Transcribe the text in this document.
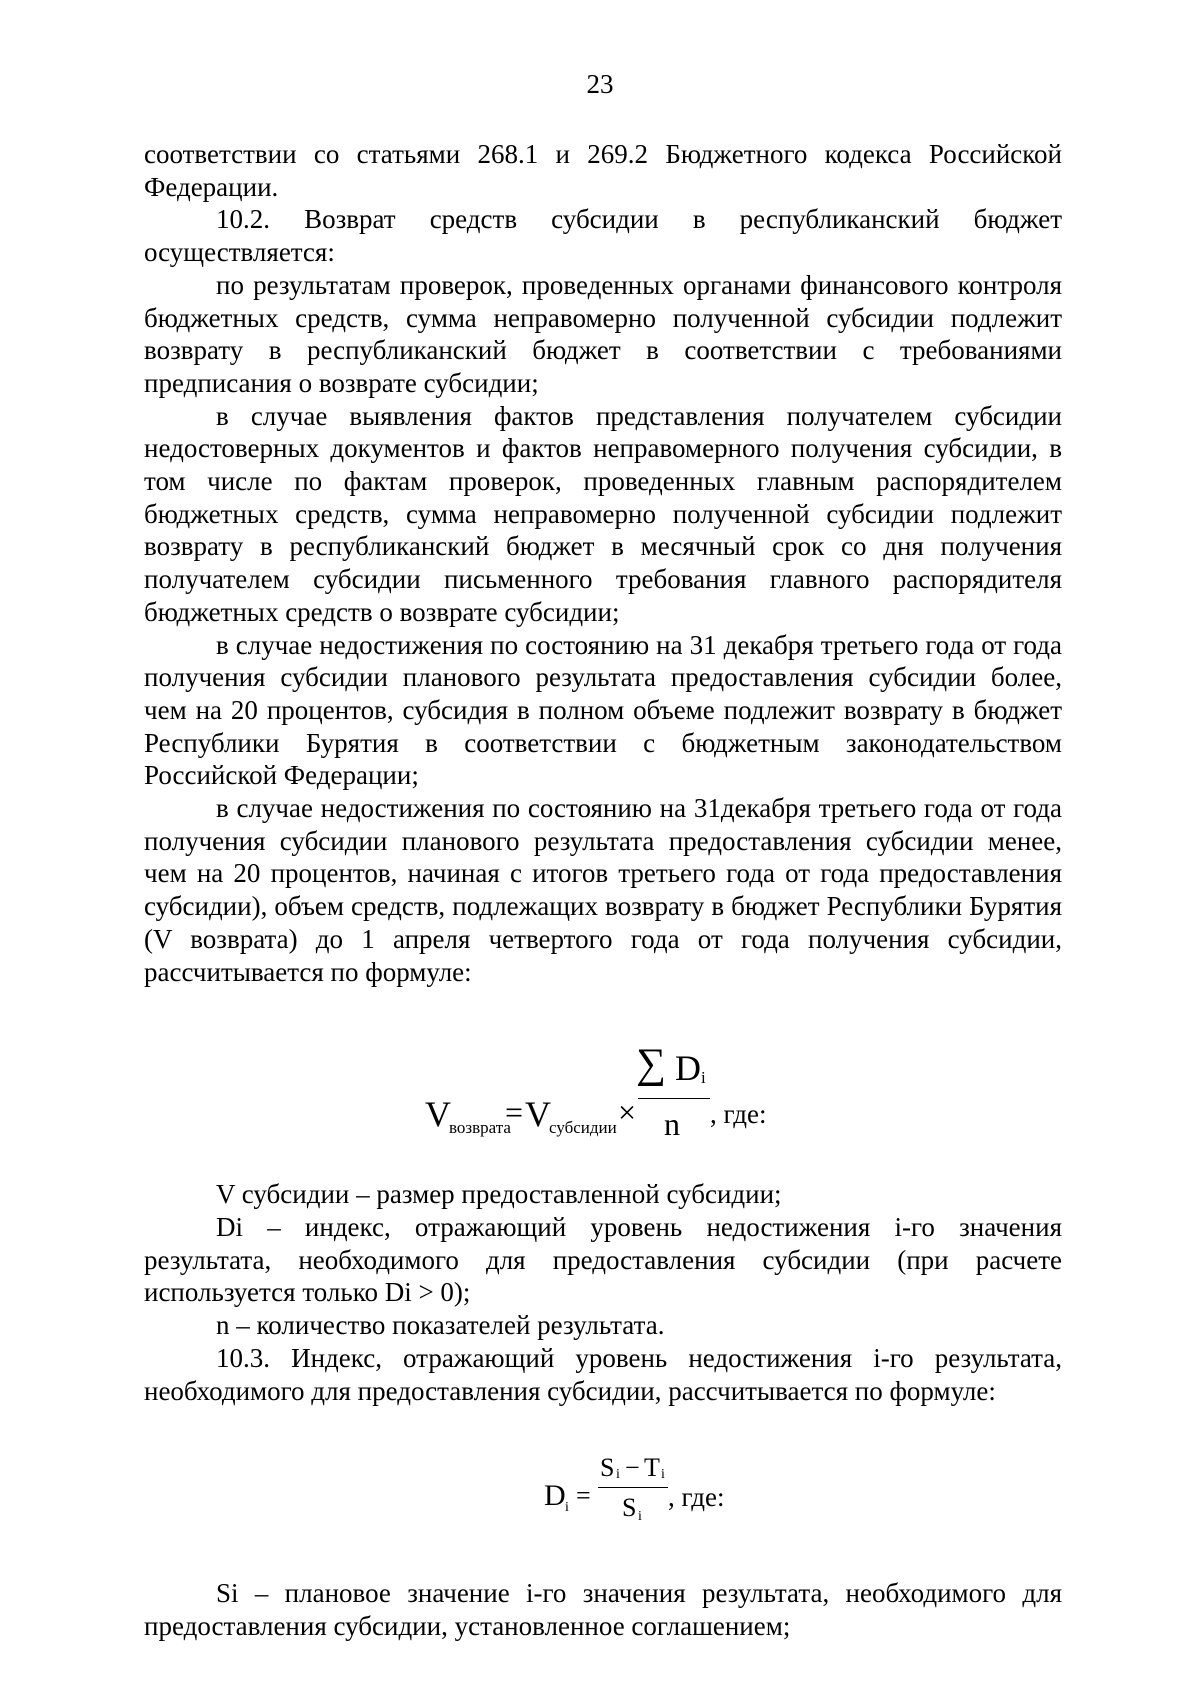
23

соответствии со статьями 268.1 и 269.2 Бюджетного кодекса Российской Федерации.

10.2. Возврат средств субсидии в республиканский бюджет осуществляется:

по результатам проверок, проведенных органами финансового контроля бюджетных средств, сумма неправомерно полученной субсидии подлежит возврату в республиканский бюджет в соответствии с требованиями предписания о возврате субсидии;

в случае выявления фактов представления получателем субсидии недостоверных документов и фактов неправомерного получения субсидии, в том числе по фактам проверок, проведенных главным распорядителем бюджетных средств, сумма неправомерно полученной субсидии подлежит возврату в республиканский бюджет в месячный срок со дня получения получателем субсидии письменного требования главного распорядителя бюджетных средств о возврате субсидии;

в случае недостижения по состоянию на 31 декабря третьего года от года получения субсидии планового результата предоставления субсидии более, чем на 20 процентов, субсидия в полном объеме подлежит возврату в бюджет Республики Бурятия в соответствии с бюджетным законодательством Российской Федерации;

в случае недостижения по состоянию на 31декабря третьего года от года получения субсидии планового результата предоставления субсидии менее, чем на 20 процентов, начиная с итогов третьего года от года предоставления субсидии), объем средств, подлежащих возврату в бюджет Республики Бурятия (V возврата) до 1 апреля четвертого года от года получения субсидии, рассчитывается по формуле:

V
возврата
= V
субсидии ×
∑ D i
n , где:

V субсидии – размер предоставленной субсидии;

Di – индекс, отражающий уровень недостижения i-го значения результата, необходимого для предоставления субсидии (при расчете используется только Di > 0);

n – количество показателей результата.

10.3. Индекс, отражающий уровень недостижения i-го результата, необходимого для предоставления субсидии, рассчитывается по формуле:

D i =
S i − T i
S i
, где:

Si – плановое значение i-го значения результата, необходимого для предоставления субсидии, установленное соглашением;
